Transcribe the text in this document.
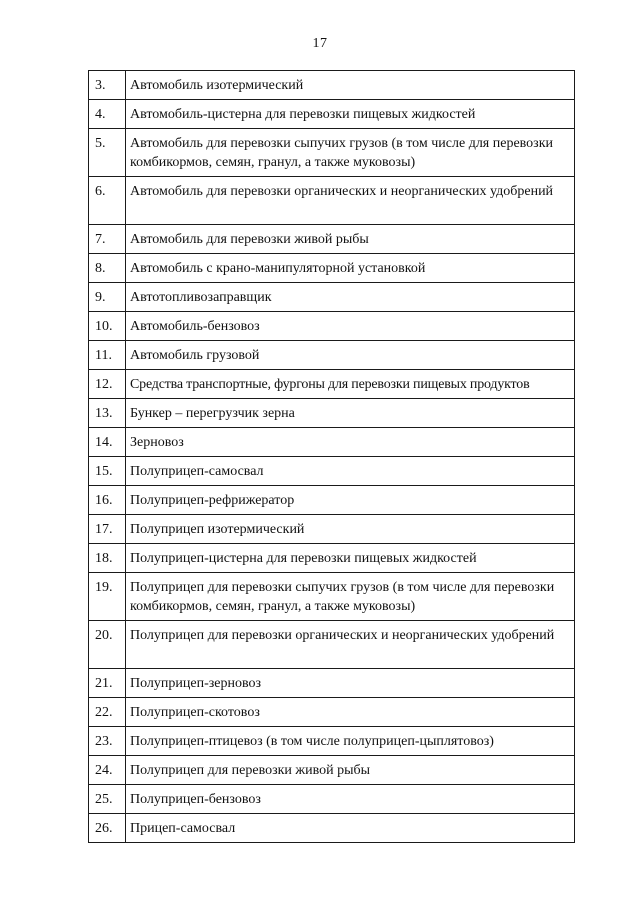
17
3.	Автомобиль изотермический
4.	Автомобиль-цистерна для перевозки пищевых жидкостей
5.	Автомобиль для перевозки сыпучих грузов (в том числе для перевозки комбикормов, семян, гранул, а также муковозы)
6.	Автомобиль для перевозки органических и неорганических удобрений
7.	Автомобиль для перевозки живой рыбы
8.	Автомобиль с крано-манипуляторной установкой
9.	Автотопливозаправщик
10.	Автомобиль-бензовоз
11.	Автомобиль грузовой
12.	Средства транспортные, фургоны для перевозки пищевых продуктов
13.	Бункер – перегрузчик зерна
14.	Зерновоз
15.	Полуприцеп-самосвал
16.	Полуприцеп-рефрижератор
17.	Полуприцеп изотермический
18.	Полуприцеп-цистерна для перевозки пищевых жидкостей
19.	Полуприцеп для перевозки сыпучих грузов (в том числе для перевозки комбикормов, семян, гранул, а также муковозы)
20.	Полуприцеп для перевозки органических и неорганических удобрений
21.	Полуприцеп-зерновоз
22.	Полуприцеп-скотовоз
23.	Полуприцеп-птицевоз (в том числе полуприцеп-цыплятовоз)
24.	Полуприцеп для перевозки живой рыбы
25.	Полуприцеп-бензовоз
26.	Прицеп-самосвал
